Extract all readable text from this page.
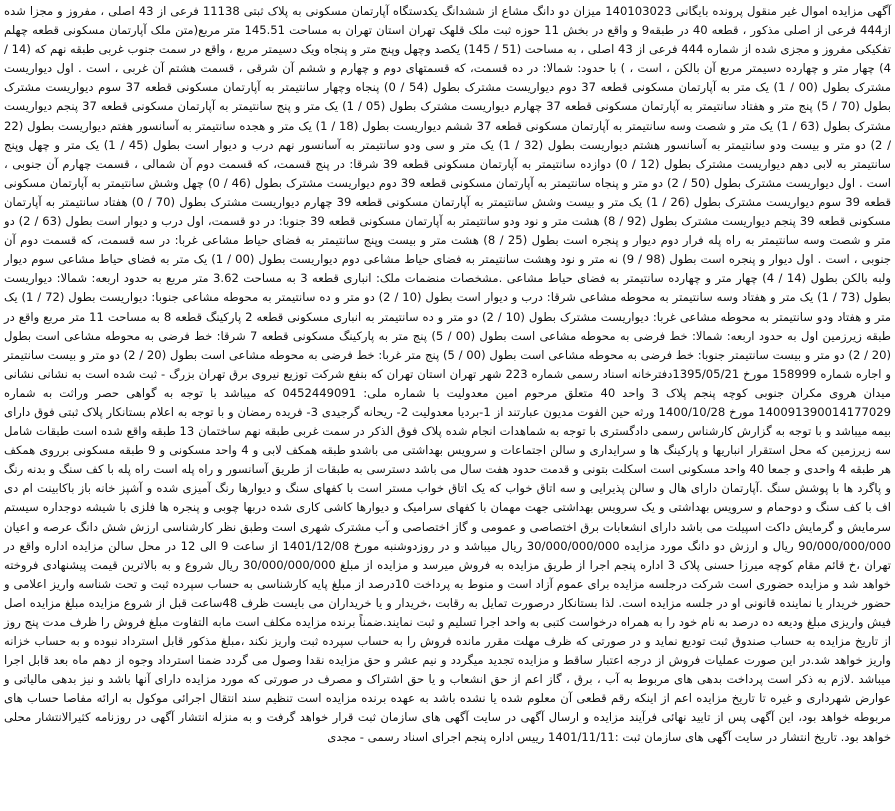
آگهی مزایده اموال غیر منقول پرونده بایگانی 140103023 میزان دو دانگ مشاع از ششدانگ یکدستگاه آپارتمان مسکونی به پلاک ثبتی 11138 فرعی از 43 اصلی ، مفروز و مجزا شده از444 فرعی از اصلی مذکور ، قطعه 40 در طبقه9 و واقع در بخش 11 حوزه ثبت ملک قلهک تهران استان تهران به مساحت 145.51 متر مربع(متن ملک آپارتمان مسکونی قطعه چهلم تفکیکی مفروز و مجزی شده از شماره 444 فرعی از 43 اصلی ، به مساحت (51 / 145) یکصد وچهل وپنج متر و پنجاه ویک دسیمتر مربع ، واقع در سمت جنوب غربی طبقه نهم که (14 / 4) چهار متر و چهارده دسیمتر مربع آن بالکن ، است ، ) با حدود: شمالا: در ده قسمت، که قسمتهای دوم و چهارم و ششم آن شرقی ، قسمت هشتم آن غربی ، است . اول دیواریست مشترک بطول (00 / 1) یک متر به آپارتمان مسکونی قطعه 37 دوم دیواریست مشترک بطول (54 / 0) پنجاه وچهار سانتیمتر به آپارتمان مسکونی قطعه 37 سوم دیواریست مشترک بطول (70 / 5) پنج متر و هفتاد سانتیمتر به آپارتمان مسکونی قطعه 37 چهارم دیواریست مشترک بطول (05 / 1) یک متر و پنج سانتیمتر به آپارتمان مسکونی قطعه 37 پنجم دیواریست مشترک بطول (63 / 1) یک متر و شصت وسه سانتیمتر به آپارتمان مسکونی قطعه 37 ششم دیواریست بطول (18 / 1) یک متر و هجده سانتیمتر به آسانسور هفتم دیواریست بطول (22 / 2) دو متر و بیست ودو سانتیمتر به آسانسور هشتم دیواریست بطول (32 / 1) یک متر و سی ودو سانتیمتر به آسانسور نهم درب و دیوار است بطول (45 / 1) یک متر و چهل وپنج سانتیمتر به لابی دهم دیواریست مشترک بطول (12 / 0) دوازده سانتیمتر به آپارتمان مسکونی قطعه 39 شرقا: در پنج قسمت، که قسمت دوم آن شمالی ، قسمت چهارم آن جنوبی ، است . اول دیواریست مشترک بطول (50 / 2) دو متر و پنجاه سانتیمتر به آپارتمان مسکونی قطعه 39 دوم دیواریست مشترک بطول (46 / 0) چهل وشش سانتیمتر به آپارتمان مسکونی قطعه 39 سوم دیواریست مشترک بطول (26 / 1) یک متر و بیست وشش سانتیمتر به آپارتمان مسکونی قطعه 39 چهارم دیواریست مشترک بطول (70 / 0) هفتاد سانتیمتر به آپارتمان مسکونی قطعه 39 پنجم دیواریست مشترک بطول (92 / 8) هشت متر و نود ودو سانتیمتر به آپارتمان مسکونی قطعه 39 جنوبا: در دو قسمت، اول درب و دیوار است بطول (63 / 2) دو متر و شصت وسه سانتیمتر به راه پله فرار دوم دیوار و پنجره است بطول (25 / 8) هشت متر و بیست وپنج سانتیمتر به فضای حیاط مشاعی غربا: در سه قسمت، که قسمت دوم آن جنوبی ، است . اول دیوار و پنجره است بطول (98 / 9) نه متر و نود وهشت سانتیمتر به فضای حیاط مشاعی دوم دیواریست بطول (00 / 1) یک متر به فضای حیاط مشاعی سوم دیوار ولبه بالکن بطول (14 / 4) چهار متر و چهارده سانتیمتر به فضای حیاط مشاعی .مشخصات منضمات ملک: انباری قطعه 3 به مساحت 3.62 متر مربع به حدود اربعه: شمالا: دیواریست بطول (73 / 1) یک متر و هفتاد وسه سانتیمتر به محوطه مشاعی شرقا: درب و دیوار است بطول (10 / 2) دو متر و ده سانتیمتر به محوطه مشاعی جنوبا: دیواریست بطول (72 / 1) یک متر و هفتاد ودو سانتیمتر به محوطه مشاعی غربا: دیواریست مشترک بطول (10 / 2) دو متر و ده سانتیمتر به انباری مسکونی قطعه 2 پارکینگ قطعه 8 به مساحت 11 متر مربع واقع در طبقه زیرزمین اول به حدود اربعه: شمالا: خط فرضی به محوطه مشاعی است بطول (00 / 5) پنج متر به پارکینگ مسکونی قطعه 7 شرقا: خط فرضی به محوطه مشاعی است بطول (20 / 2) دو متر و بیست سانتیمتر جنوبا: خط فرضی به محوطه مشاعی است بطول (00 / 5) پنج متر غربا: خط فرضی به محوطه مشاعی است بطول (20 / 2) دو متر و بیست سانتیمتر و اجاره شماره 158999 مورخ 1395/05/21دفترخانه اسناد رسمی شماره 223 شهر تهران استان تهران که بنفع شرکت توزیع نیروی برق تهران بزرگ - ثبت شده است به نشانی نشانی میدان هروی مکران جنوبی کوچه پنجم پلاک 3 واحد 40 متعلق مرحوم امین معدولیت با شماره ملی: 0452449091 که میباشد با توجه به گواهی حصر وراثت به شماره 140091390014177029 مورخ 1400/10/28 ورثه حین الفوت مدیون عبارتند از 1-بردیا معدولیت 2- ریحانه گرجیدی 3- فریده رمضان و با توجه به اعلام بستانکار پلاک ثبتی فوق دارای بیمه میباشد و با توجه به گزارش کارشناس رسمی دادگستری با توجه به شماهدات انجام شده پلاک فوق الذکر در سمت غربی طبقه نهم ساختمان 13 طبقه واقع شده است طبقات شامل سه زیرزمین که محل استقرار انباریها و پارکینگ ها و سرایداری و سالن اجتماعات و سرویس بهداشتی می باشدو طبقه همکف لابی و 4 واحد مسکونی و 9 طبقه مسکونی برروی همکف هر طبقه 4 واحدی و جمعا 40 واحد مسکونی است اسکلت بتونی و قدمت حدود هفت سال می باشد دسترسی به طبقات از طریق آسانسور و راه پله است راه پله با کف سنگ و بدنه رنگ و پاگرد ها با پوشش سنگ .آپارتمان دارای هال و سالن پذیرایی و سه اتاق خواب که یک اتاق خواب مستر است با کفهای سنگ و دیوارها رنگ آمیزی شده و آشپز خانه باز باکابینت ام دی اف با کف سنگ و دوحمام و سرویس بهداشتی و یک سرویس بهداشتی جهت مهمان با کفهای سرامیک و دیوارها کاشی کاری شده دربها چوبی و پنجره ها فلزی با شیشه دوجداره سیستم سرمایش و گرمایش داکت اسپیلت می باشد دارای انشعابات برق اختصاصی و عمومی و گاز اختصاصی و آب مشترک شهری است وطبق نظر کارشناسی ارزش شش دانگ عرصه و اعیان 90/000/000/000 ریال و ارزش دو دانگ مورد مزایده 30/000/000/000 ریال میباشد و در روزدوشنبه مورخ 1401/12/08 از ساعت 9 الی 12 در محل سالن مزایده اداره واقع در تهران ،خ قائم مقام کوچه میرزا حسنی پلاک 3 اداره پنجم اجرا از طریق مزایده به فروش میرسد و مزایده از مبلغ 30/000/000/000 ریال شروع و به بالاترین قیمت پیشنهادی فروخته خواهد شد و مزایده حضوری است شرکت درجلسه مزایده برای عموم آزاد است و منوط به پرداخت 10درصد از مبلغ پایه کارشناسی به حساب سپرده ثبت و تحت شناسه واریز اعلامی و حضور خریدار یا نماینده قانونی او در جلسه مزایده است. لذا بستانکار درصورت تمایل به رقابت ،خریدار و یا خریداران می بایست ظرف 48ساعت قبل از شروع مزایده مبلغ مزایده اصل فیش واریزی مبلغ ودیعه ده درصد به نام خود را به همراه درخواست کتبی به واحد اجرا تسلیم و ثبت نمایند.ضمناً برنده مزایده مکلف است مابه التفاوت مبلغ فروش را ظرف مدت پنج روز از تاریخ مزایده به حساب صندوق ثبت تودیع نماید و در صورتی که ظرف مهلت مقرر مانده فروش را به حساب سپرده ثبت واریز نکند ،مبلغ مذکور قابل استرداد نبوده و به حساب خزانه واریز خواهد شد.در این صورت عملیات فروش از درجه اعتبار ساقط و مزایده تجدید میگردد و نیم عشر و حق مزایده نقدا وصول می گردد ضمنا استرداد وجوه از دهم ماه بعد قابل اجرا میباشد .لازم به ذکر است پرداخت بدهی های مربوط به آب ، برق ، گاز اعم از حق انشعاب و یا حق اشتراک و مصرف در صورتی که مورد مزایده دارای آنها باشد و نیز بدهی مالیاتی و عوارض شهرداری و غیره تا تاریخ مزایده اعم از اینکه رقم قطعی آن معلوم شده یا نشده باشد به عهده برنده مزایده است تنظیم سند انتقال اجرائی موکول به ارائه مفاصا حساب های مربوطه خواهد بود، این آگهی پس از تایید نهائی فرآیند مزایده و ارسال آگهی در سایت آگهی های سازمان ثبت قرار خواهد گرفت و به منزله انتشار آگهی در روزنامه کثیرالانتشار محلی خواهد بود. تاریخ انتشار در سایت آگهی های سازمان ثبت :1401/11/11 رییس اداره پنجم اجرای اسناد رسمی - مجدی
